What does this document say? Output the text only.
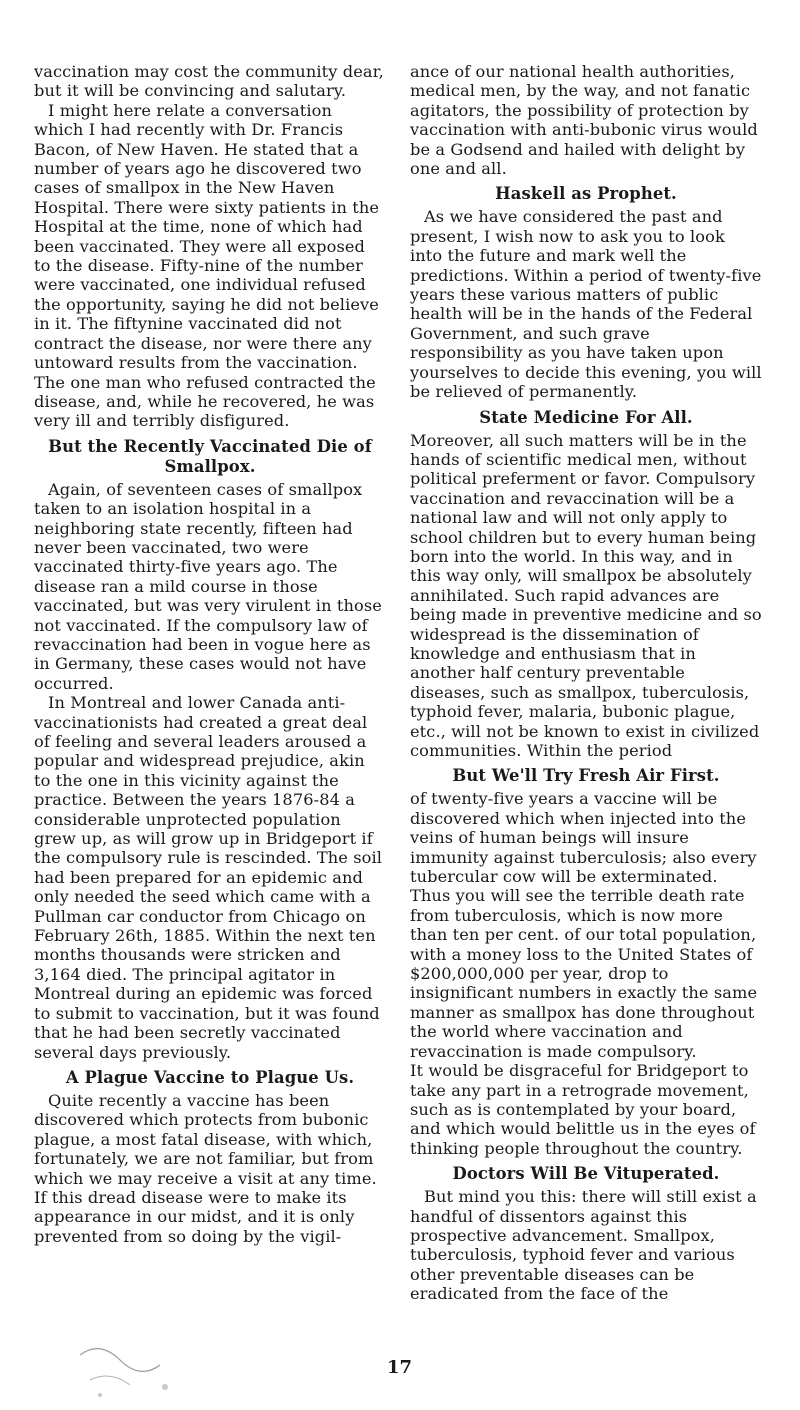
vaccination may cost the community dear, but it will be convincing and salutary.

I might here relate a conversation which I had recently with Dr. Francis Bacon, of New Haven. He stated that a number of years ago he discovered two cases of smallpox in the New Haven Hospital. There were sixty patients in the Hospital at the time, none of which had been vaccinated. They were all exposed to the disease. Fifty-nine of the number were vaccinated, one individual refused the opportunity, saying he did not believe in it. The fiftynine vaccinated did not contract the disease, nor were there any untoward results from the vaccination. The one man who refused contracted the disease, and, while he recovered, he was very ill and terribly disfigured.

But the Recently Vaccinated Die of Smallpox.

Again, of seventeen cases of smallpox taken to an isolation hospital in a neighboring state recently, fifteen had never been vaccinated, two were vaccinated thirty-five years ago. The disease ran a mild course in those vaccinated, but was very virulent in those not vaccinated. If the compulsory law of revaccination had been in vogue here as in Germany, these cases would not have occurred.

In Montreal and lower Canada anti-vaccinationists had created a great deal of feeling and several leaders aroused a popular and widespread prejudice, akin to the one in this vicinity against the practice. Between the years 1876-84 a considerable unprotected population grew up, as will grow up in Bridgeport if the compulsory rule is rescinded. The soil had been prepared for an epidemic and only needed the seed which came with a Pullman car conductor from Chicago on February 26th, 1885. Within the next ten months thousands were stricken and 3,164 died. The principal agitator in Montreal during an epidemic was forced to submit to vaccination, but it was found that he had been secretly vaccinated several days previously.

A Plague Vaccine to Plague Us.

Quite recently a vaccine has been discovered which protects from bubonic plague, a most fatal disease, with which, fortunately, we are not familiar, but from which we may receive a visit at any time. If this dread disease were to make its appearance in our midst, and it is only prevented from so doing by the vigil-

ance of our national health authorities, medical men, by the way, and not fanatic agitators, the possibility of protection by vaccination with anti-bubonic virus would be a Godsend and hailed with delight by one and all.

Haskell as Prophet.

As we have considered the past and present, I wish now to ask you to look into the future and mark well the predictions. Within a period of twenty-five years these various matters of public health will be in the hands of the Federal Government, and such grave responsibility as you have taken upon yourselves to decide this evening, you will be relieved of permanently.

State Medicine For All.

Moreover, all such matters will be in the hands of scientific medical men, without political preferment or favor. Compulsory vaccination and revaccination will be a national law and will not only apply to school children but to every human being born into the world. In this way, and in this way only, will smallpox be absolutely annihilated. Such rapid advances are being made in preventive medicine and so widespread is the dissemination of knowledge and enthusiasm that in another half century preventable diseases, such as smallpox, tuberculosis, typhoid fever, malaria, bubonic plague, etc., will not be known to exist in civilized communities. Within the period

But We'll Try Fresh Air First.

of twenty-five years a vaccine will be discovered which when injected into the veins of human beings will insure immunity against tuberculosis; also every tubercular cow will be exterminated. Thus you will see the terrible death rate from tuberculosis, which is now more than ten per cent. of our total population, with a money loss to the United States of $200,000,000 per year, drop to insignificant numbers in exactly the same manner as smallpox has done throughout the world where vaccination and revaccination is made compulsory.

It would be disgraceful for Bridgeport to take any part in a retrograde movement, such as is contemplated by your board, and which would belittle us in the eyes of thinking people throughout the country.

Doctors Will Be Vituperated.

But mind you this: there will still exist a handful of dissentors against this prospective advancement. Smallpox, tuberculosis, typhoid fever and various other preventable diseases can be eradicated from the face of the

17
